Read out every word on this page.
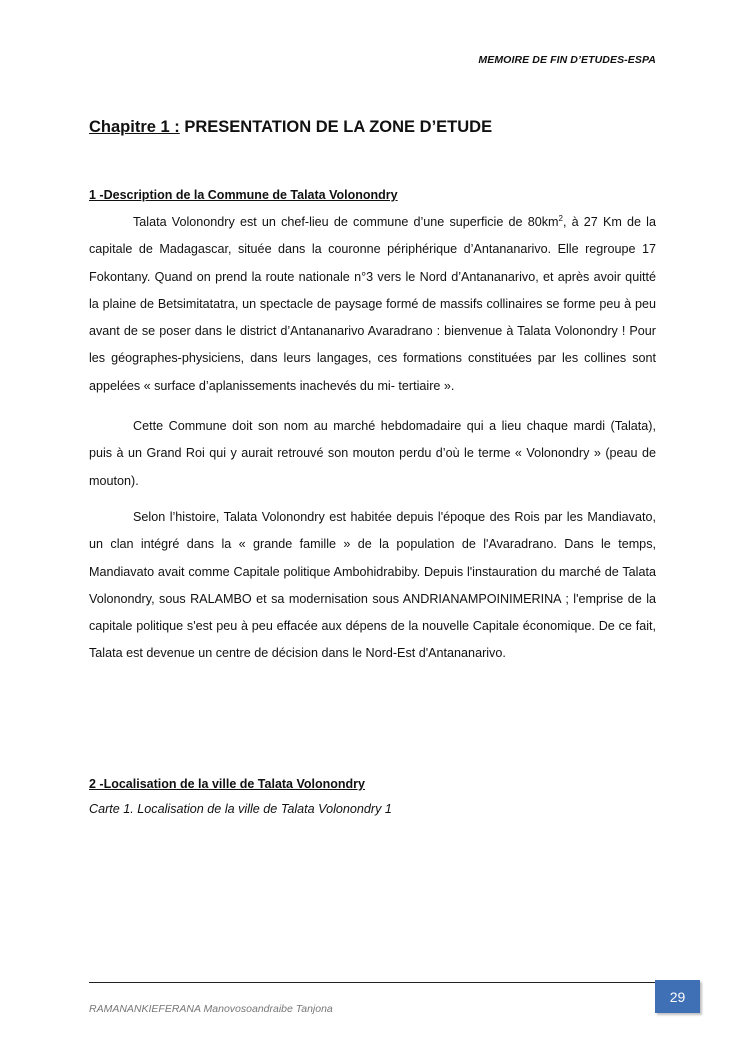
MEMOIRE DE FIN D’ETUDES-ESPA
Chapitre 1 : PRESENTATION DE LA ZONE D’ETUDE
1 -Description de la Commune de Talata Volonondry

Talata Volonondry est un chef-lieu de commune d’une superficie de $80km^2$, à 27 Km de la capitale de Madagascar, située dans la couronne périphérique d’Antananarivo. Elle regroupe 17 Fokontany. Quand on prend la route nationale n°3 vers le Nord d’Antananarivo, et après avoir quitté la plaine de Betsimitatatra, un spectacle de paysage formé de massifs collinaires se forme peu à peu avant de se poser dans le district d’Antananarivo Avaradrano : bienvenue à Talata Volonondry ! Pour les géographes-physiciens, dans leurs langages, ces formations constituées par les collines sont appelées « surface d’aplanissements inachevés du mi- tertiaire ».

Cette Commune doit son nom au marché hebdomadaire qui a lieu chaque mardi (Talata), puis à un Grand Roi qui y aurait retrouvé son mouton perdu d’où le terme « Volonondry » (peau de mouton).

Selon l’histoire, Talata Volonondry est habitée depuis l'époque des Rois par les Mandiavato, un clan intégré dans la « grande famille » de la population de l'Avaradrano. Dans le temps, Mandiavato avait comme Capitale politique Ambohidrabiby. Depuis l'instauration du marché de Talata Volonondry, sous RALAMBO et sa modernisation sous ANDRIANAMPOINIMERINA ; l'emprise de la capitale politique s'est peu à peu effacée aux dépens de la nouvelle Capitale économique. De ce fait, Talata est devenue un centre de décision dans le Nord-Est d'Antananarivo.

2 -Localisation de la ville de Talata Volonondry
Carte 1. Localisation de la ville de Talata Volonondry 1
29
RAMANANKIEFERANA Manovosoandraibe Tanjona
